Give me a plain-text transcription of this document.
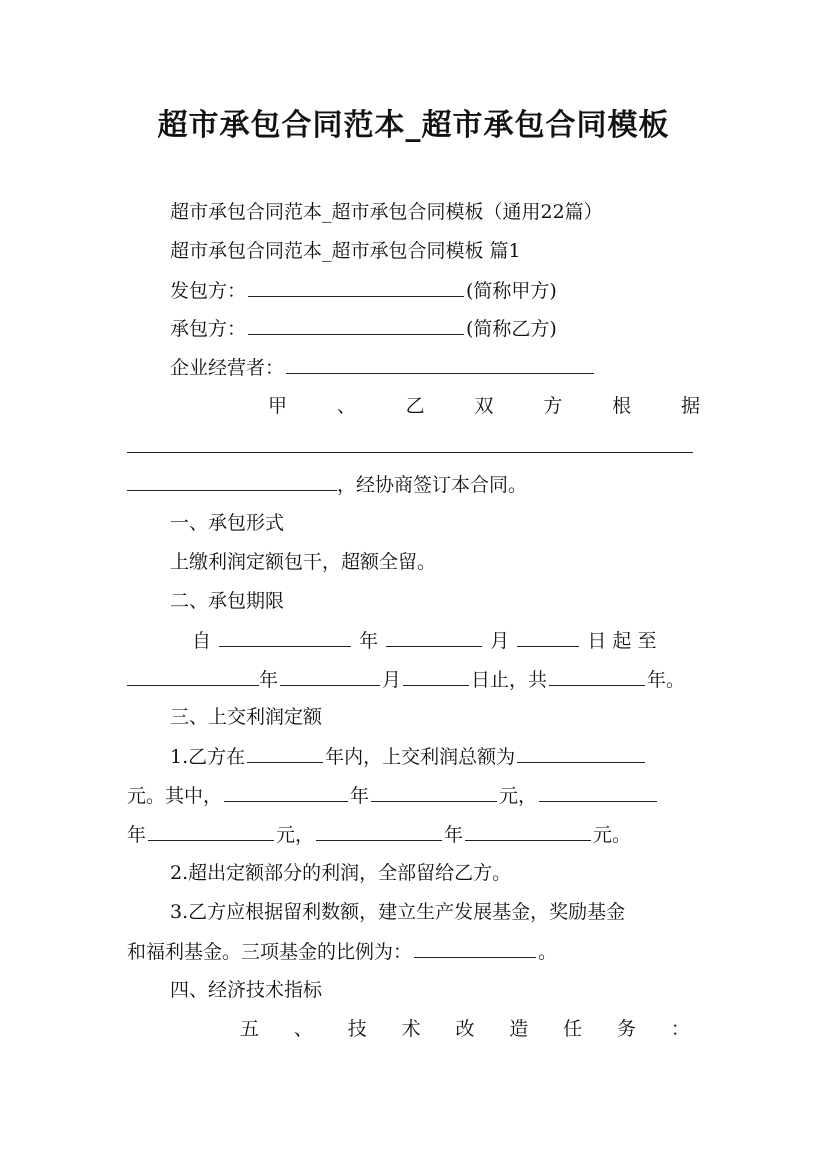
超市承包合同范本_超市承包合同模板
超市承包合同范本_超市承包合同模板（通用22篇）
超市承包合同范本_超市承包合同模板 篇1
发包方：	(简称甲方)
承包方：	(简称乙方)
企业经营者：
甲	、	乙	双	方	根	据
，经协商签订本合同。
一、承包形式
上缴利润定额包干，超额全留。
二、承包期限
自	年	月	日 起 至
年	月	日止，共	年。
三、上交利润定额
1.乙方在	年内，上交利润总额为
元。其中，	年	元，
年	元，	年	元。
2.超出定额部分的利润，全部留给乙方。
3.乙方应根据留利数额，建立生产发展基金，奖励基金
和福利基金。三项基金的比例为：	。
四、经济技术指标
五 、 技 术 改 造 任 务 ：
